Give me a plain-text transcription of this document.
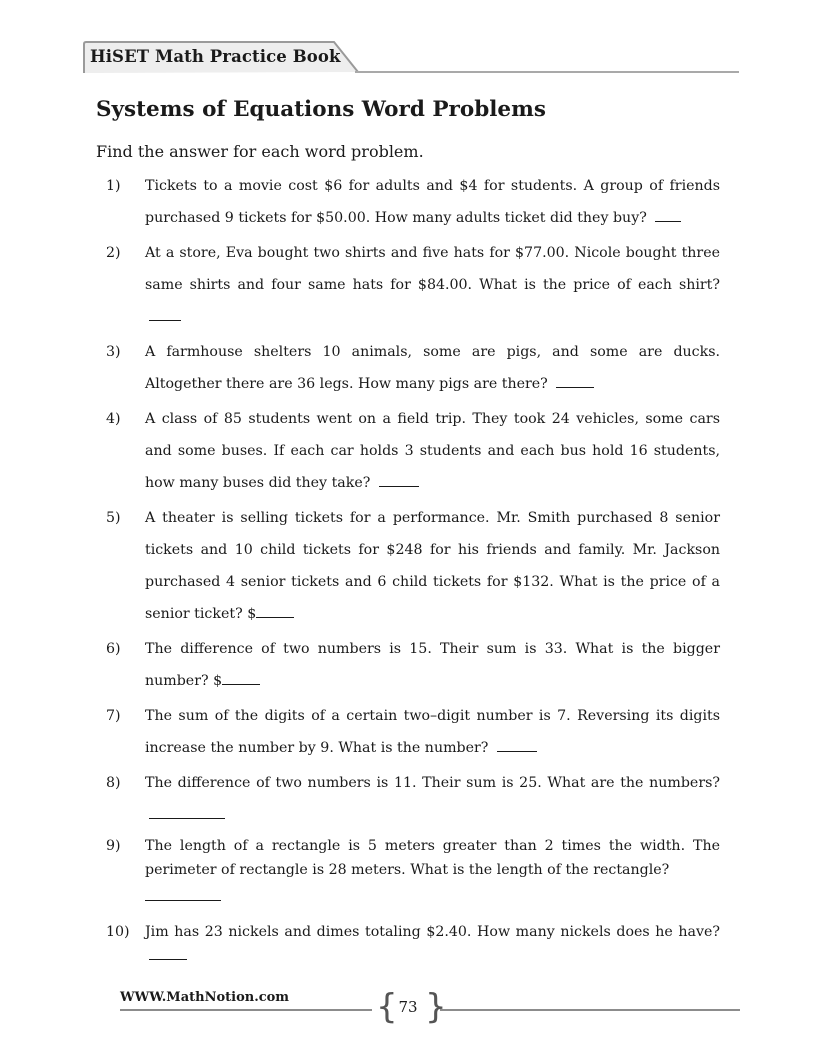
HiSET Math Practice Book
Systems of Equations Word Problems
Find the answer for each word problem.
1) Tickets to a movie cost $6 for adults and $4 for students. A group of friends purchased 9 tickets for $50.00. How many adults ticket did they buy?
2) At a store, Eva bought two shirts and five hats for $77.00. Nicole bought three same shirts and four same hats for $84.00. What is the price of each shirt?
3) A farmhouse shelters 10 animals, some are pigs, and some are ducks. Altogether there are 36 legs. How many pigs are there?
4) A class of 85 students went on a field trip. They took 24 vehicles, some cars and some buses. If each car holds 3 students and each bus hold 16 students, how many buses did they take?
5) A theater is selling tickets for a performance. Mr. Smith purchased 8 senior tickets and 10 child tickets for $248 for his friends and family. Mr. Jackson purchased 4 senior tickets and 6 child tickets for $132. What is the price of a senior ticket? $
6) The difference of two numbers is 15. Their sum is 33. What is the bigger number? $
7) The sum of the digits of a certain two–digit number is 7. Reversing its digits increase the number by 9. What is the number?
8) The difference of two numbers is 11. Their sum is 25. What are the numbers?
9) The length of a rectangle is 5 meters greater than 2 times the width. The perimeter of rectangle is 28 meters. What is the length of the rectangle?

10) Jim has 23 nickels and dimes totaling $2.40. How many nickels does he have?
WWW.MathNotion.com	{ 73 }
